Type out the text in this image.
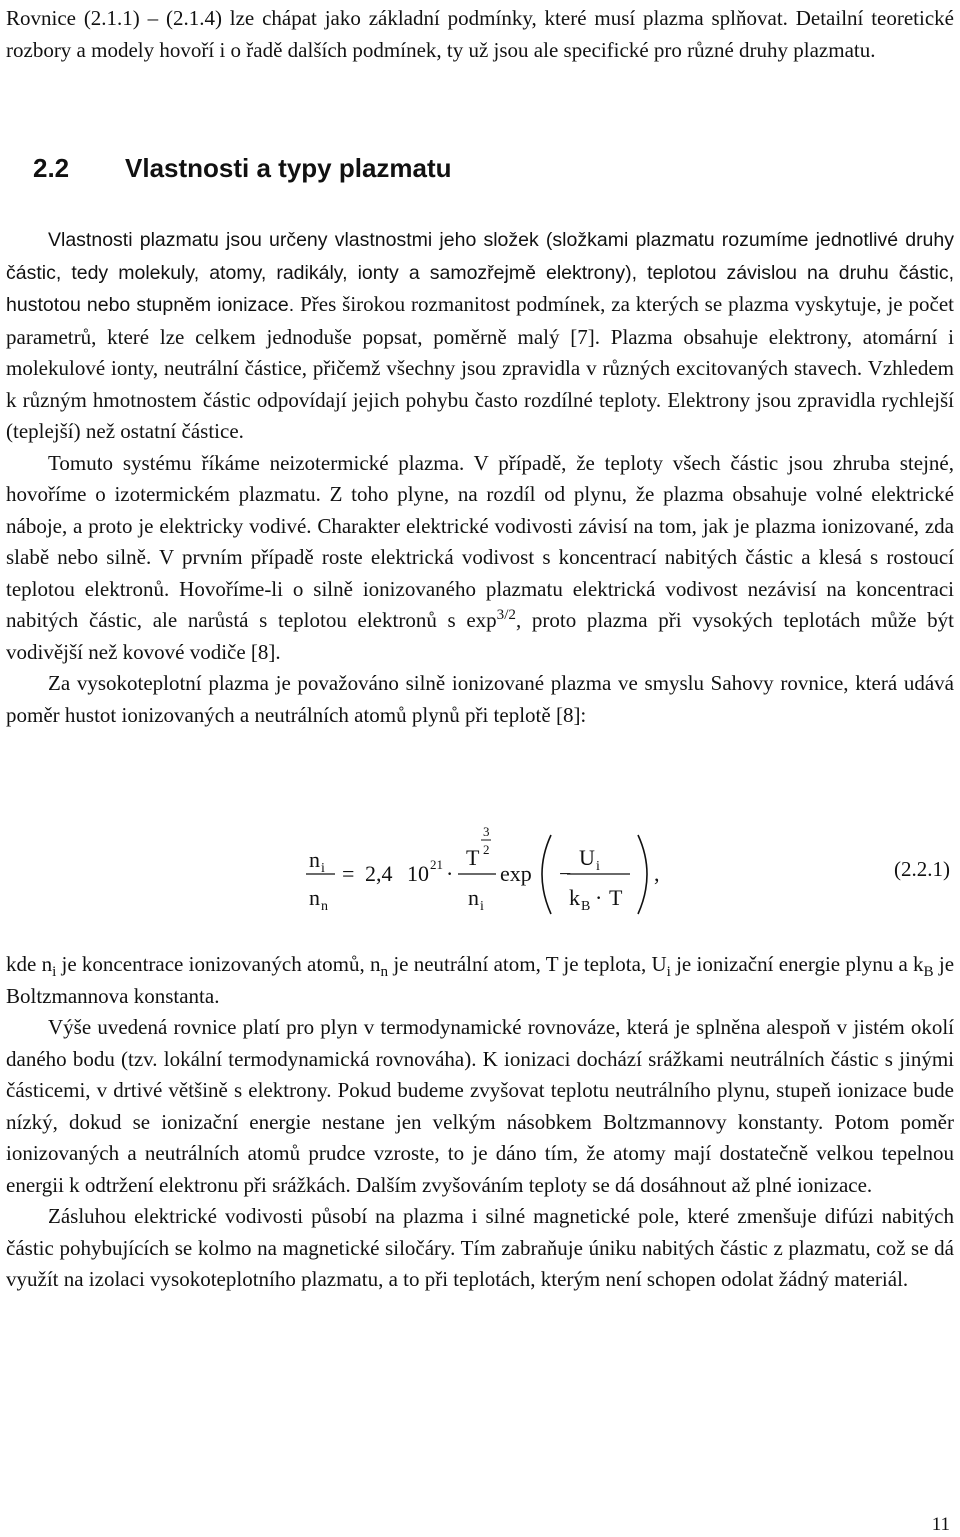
Rovnice (2.1.1) – (2.1.4) lze chápat jako základní podmínky, které musí plazma splňovat. Detailní teoretické rozbory a modely hovoří i o řadě dalších podmínek, ty už jsou ale specifické pro různé druhy plazmatu.

2.2 Vlastnosti a typy plazmatu

Vlastnosti plazmatu jsou určeny vlastnostmi jeho složek (složkami plazmatu rozumíme jednotlivé druhy částic, tedy molekuly, atomy, radikály, ionty a samozřejmě elektrony), teplotou závislou na druhu částic, hustotou nebo stupněm ionizace. Přes širokou rozmanitost podmínek, za kterých se plazma vyskytuje, je počet parametrů, které lze celkem jednoduše popsat, poměrně malý [7]. Plazma obsahuje elektrony, atomární i molekulové ionty, neutrální částice, přičemž všechny jsou zpravidla v různých excitovaných stavech. Vzhledem k různým hmotnostem částic odpovídají jejich pohybu často rozdílné teploty. Elektrony jsou zpravidla rychlejší (teplejší) než ostatní částice.

Tomuto systému říkáme neizotermické plazma. V případě, že teploty všech částic jsou zhruba stejné, hovoříme o izotermickém plazmatu. Z toho plyne, na rozdíl od plynu, že plazma obsahuje volné elektrické náboje, a proto je elektricky vodivé. Charakter elektrické vodivosti závisí na tom, jak je plazma ionizované, zda slabě nebo silně. V prvním případě roste elektrická vodivost s koncentrací nabitých částic a klesá s rostoucí teplotou elektronů. Hovoříme-li o silně ionizovaného plazmatu elektrická vodivost nezávisí na koncentraci nabitých částic, ale narůstá s teplotou elektronů s $\exp^{3/2}$, proto plazma při vysokých teplotách může být vodivější než kovové vodiče [8].

Za vysokoteplotní plazma je považováno silně ionizované plazma ve smyslu Sahovy rovnice, která udává poměr hustot ionizovaných a neutrálních atomů plynů při teplotě [8]:

n i
n n
= 2,4 10 21 ·
T
3
2
n i
exp −
U i
k B · T
,	(2.2.1)

kde $n_i$ je koncentrace ionizovaných atomů, $n_n$ je neutrální atom, T je teplota, $U_i$ je ionizační energie plynu a $k_B$ je Boltzmannova konstanta.

Výše uvedená rovnice platí pro plyn v termodynamické rovnováze, která je splněna alespoň v jistém okolí daného bodu (tzv. lokální termodynamická rovnováha). K ionizaci dochází srážkami neutrálních částic s jinými částicemi, v drtivé většině s elektrony. Pokud budeme zvyšovat teplotu neutrálního plynu, stupeň ionizace bude nízký, dokud se ionizační energie nestane jen velkým násobkem Boltzmannovy konstanty. Potom poměr ionizovaných a neutrálních atomů prudce vzroste, to je dáno tím, že atomy mají dostatečně velkou tepelnou energii k odtržení elektronu při srážkách. Dalším zvyšováním teploty se dá dosáhnout až plné ionizace.

Zásluhou elektrické vodivosti působí na plazma i silné magnetické pole, které zmenšuje difúzi nabitých částic pohybujících se kolmo na magnetické siločáry. Tím zabraňuje úniku nabitých částic z plazmatu, což se dá využít na izolaci vysokoteplotního plazmatu, a to při teplotách, kterým není schopen odolat žádný materiál.

11
